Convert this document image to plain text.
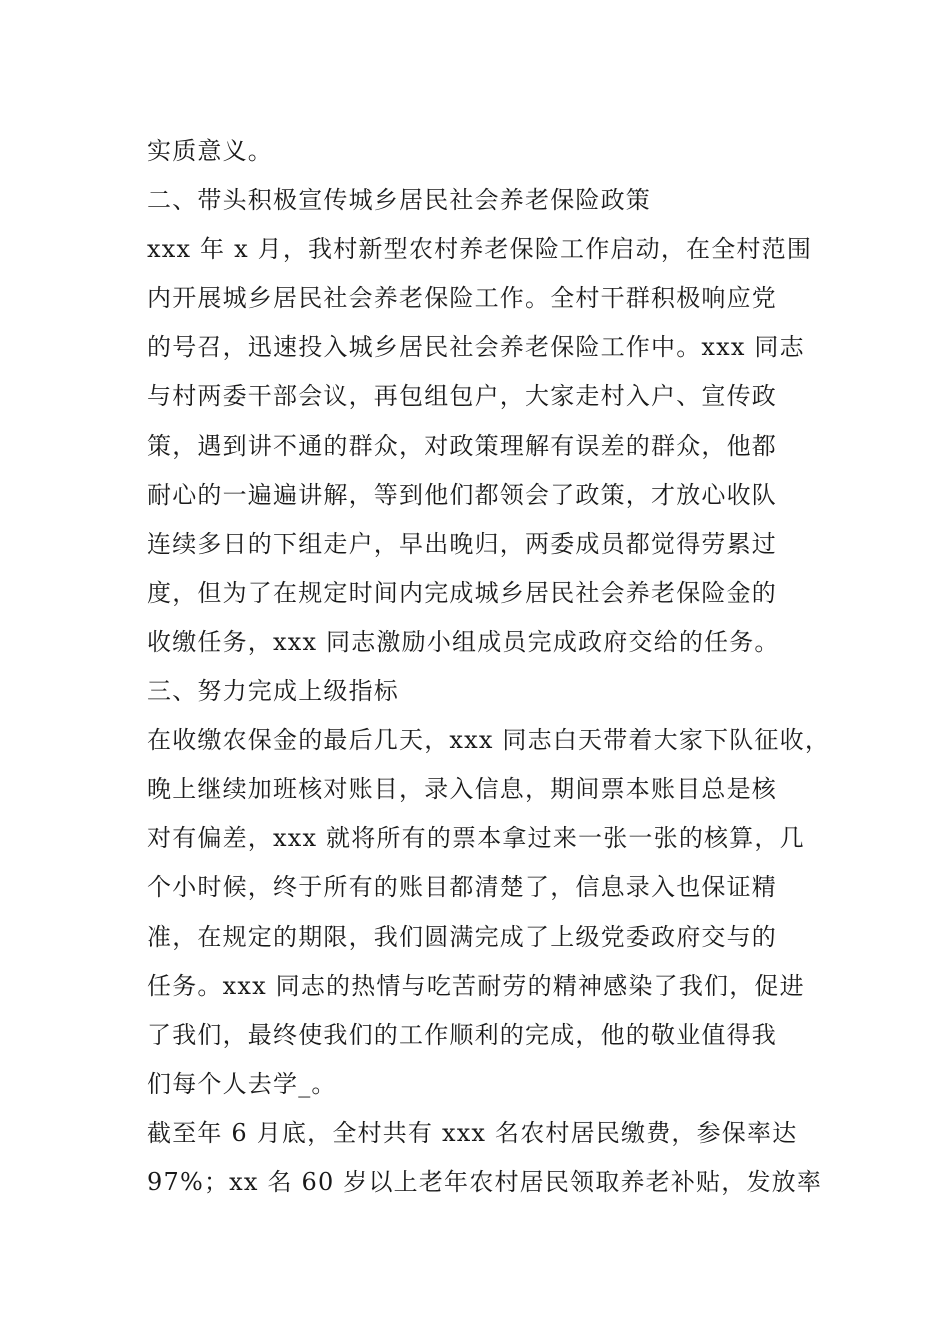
实质意义。
二、带头积极宣传城乡居民社会养老保险政策
xxx 年 x 月，我村新型农村养老保险工作启动，在全村范围
内开展城乡居民社会养老保险工作。全村干群积极响应党
的号召，迅速投入城乡居民社会养老保险工作中。xxx 同志
与村两委干部会议，再包组包户，大家走村入户、宣传政
策，遇到讲不通的群众，对政策理解有误差的群众，他都
耐心的一遍遍讲解，等到他们都领会了政策，才放心收队
连续多日的下组走户，早出晚归，两委成员都觉得劳累过
度，但为了在规定时间内完成城乡居民社会养老保险金的
收缴任务，xxx 同志激励小组成员完成政府交给的任务。
三、努力完成上级指标
在收缴农保金的最后几天，xxx 同志白天带着大家下队征收，
晚上继续加班核对账目，录入信息，期间票本账目总是核
对有偏差，xxx 就将所有的票本拿过来一张一张的核算，几
个小时候，终于所有的账目都清楚了，信息录入也保证精
准，在规定的期限，我们圆满完成了上级党委政府交与的
任务。xxx 同志的热情与吃苦耐劳的精神感染了我们，促进
了我们，最终使我们的工作顺利的完成，他的敬业值得我
们每个人去学_。
截至年 6 月底，全村共有 xxx 名农村居民缴费，参保率达
97%；xx 名 60 岁以上老年农村居民领取养老补贴，发放率
